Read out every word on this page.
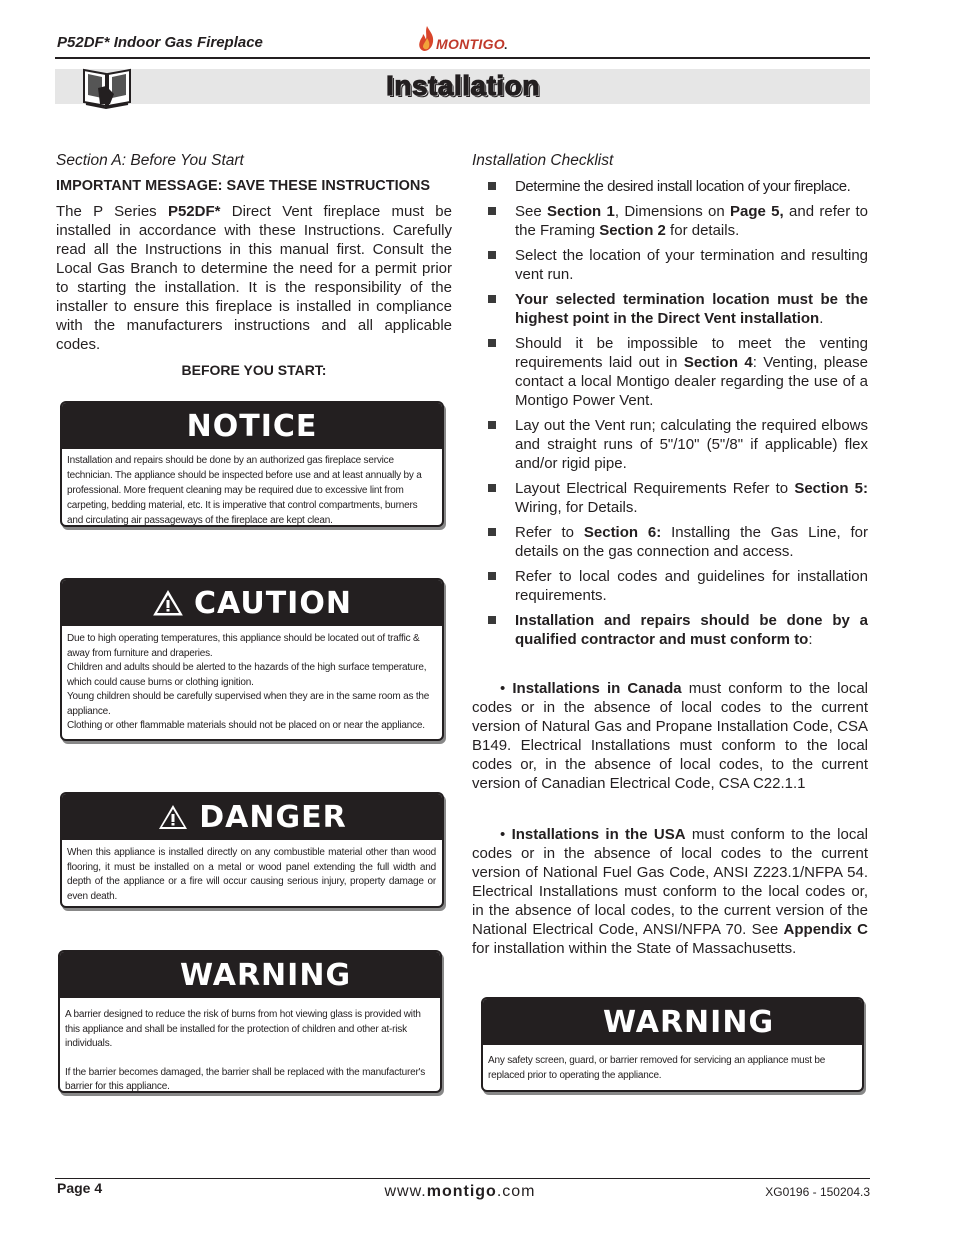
P52DF* Indoor Gas Fireplace	MONTIGO .
Installation
Section A: Before You Start
IMPORTANT MESSAGE: SAVE THESE INSTRUCTIONS

The P Series P52DF* Direct Vent fireplace must be installed in accordance with these Instructions. Carefully read all the Instructions in this manual first. Consult the Local Gas Branch to determine the need for a permit prior to starting the installation. It is the responsibility of the installer to ensure this fireplace is installed in compliance with the manufacturers instructions and all applicable codes.

BEFORE YOU START:
NOTICE

Installation and repairs should be done by an authorized gas fireplace service technician. The appliance should be inspected before use and at least annually by a professional. More frequent cleaning may be required due to excessive lint from carpeting, bedding material, etc. It is imperative that control compartments, burners and circulating air passageways of the fireplace are kept clean.

CAUTION

Due to high operating temperatures, this appliance should be located out of traffic & away from furniture and draperies.

Children and adults should be alerted to the hazards of the high surface temperature, which could cause burns or clothing ignition.

Young children should be carefully supervised when they are in the same room as the appliance.

Clothing or other flammable materials should not be placed on or near the appliance.

DANGER

When this appliance is installed directly on any combustible material other than wood flooring, it must be installed on a metal or wood panel extending the full width and depth of the appliance or a fire will occur causing serious injury, property damage or even death.

WARNING

A barrier designed to reduce the risk of burns from hot viewing glass is provided with this appliance and shall be installed for the protection of children and other at-risk individuals.

If the barrier becomes damaged, the barrier shall be replaced with the manufacturer's barrier for this appliance.

Installation Checklist
Determine the desired install location of your fireplace.
See Section 1, Dimensions on Page 5, and refer to the Framing Section 2 for details.
Select the location of your termination and resulting vent run.
Your selected termination location must be the highest point in the Direct Vent installation.
Should it be impossible to meet the venting requirements laid out in Section 4: Venting, please contact a local Montigo dealer regarding the use of a Montigo Power Vent.
Lay out the Vent run; calculating the required elbows and straight runs of 5"/10" (5"/8" if applicable) flex and/or rigid pipe.
Layout Electrical Requirements Refer to Section 5: Wiring, for Details.
Refer to Section 6: Installing the Gas Line, for details on the gas connection and access.
Refer to local codes and guidelines for installation requirements.
Installation and repairs should be done by a qualified contractor and must conform to:

• Installations in Canada must conform to the local codes or in the absence of local codes to the current version of Natural Gas and Propane Installation Code, CSA B149. Electrical Installations must conform to the local codes or, in the absence of local codes, to the current version of Canadian Electrical Code, CSA C22.1.1

• Installations in the USA must conform to the local codes or in the absence of local codes to the current version of National Fuel Gas Code, ANSI Z223.1/NFPA 54. Electrical Installations must conform to the local codes or, in the absence of local codes, to the current version of the National Electrical Code, ANSI/NFPA 70. See Appendix C for installation within the State of Massachusetts.

WARNING

Any safety screen, guard, or barrier removed for servicing an appliance must be replaced prior to operating the appliance.

Page 4	www.montigo.com	XG0196 - 150204.3
